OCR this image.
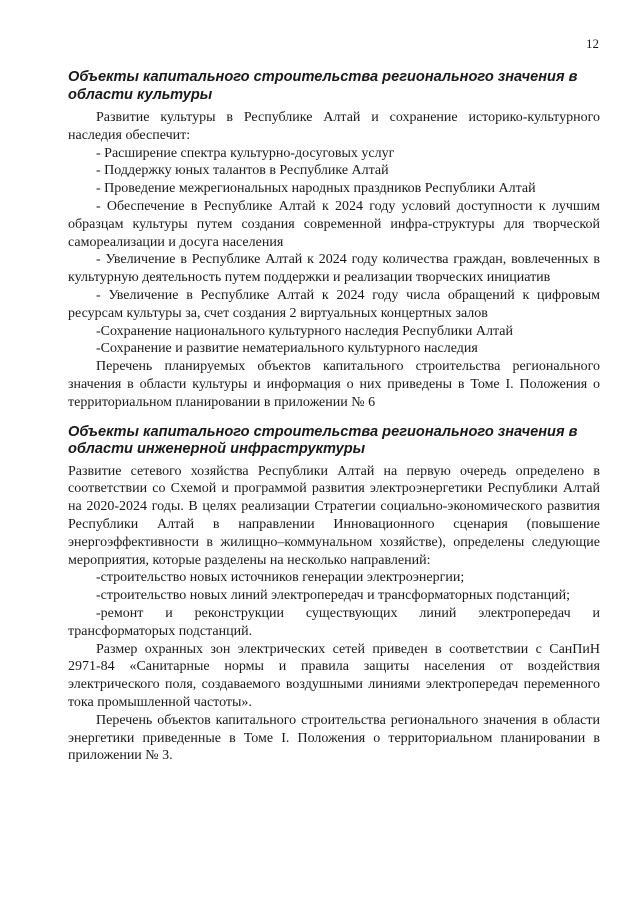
12
Объекты капитального строительства регионального значения в области культуры

Развитие культуры в Республике Алтай и сохранение историко-культурного наследия обеспечит:

- Расширение спектра культурно-досуговых услуг

- Поддержку юных талантов в Республике Алтай

- Проведение межрегиональных народных праздников Республики Алтай

- Обеспечение в Республике Алтай к 2024 году условий доступности к лучшим образцам культуры путем создания современной инфра-структуры для творческой самореализации и досуга населения

- Увеличение в Республике Алтай к 2024 году количества граждан, вовлеченных в культурную деятельность путем поддержки и реализации творческих инициатив

- Увеличение в Республике Алтай к 2024 году числа обращений к цифровым ресурсам культуры за, счет создания 2 виртуальных концертных залов

-Сохранение национального культурного наследия Республики Алтай

-Сохранение и развитие нематериального культурного наследия

Перечень планируемых объектов капитального строительства регионального значения в области культуры и информация о них приведены в Томе I. Положения о территориальном планировании в приложении № 6

Объекты капитального строительства регионального значения в области инженерной инфраструктуры

Развитие сетевого хозяйства Республики Алтай на первую очередь определено в соответствии со Схемой и программой развития электроэнергетики Республики Алтай на 2020-2024 годы. В целях реализации Стратегии социально-экономического развития Республики Алтай в направлении Инновационного сценария (повышение энергоэффективности в жилищно–коммунальном хозяйстве), определены следующие мероприятия, которые разделены на несколько направлений:

-строительство новых источников генерации электроэнергии;

-строительство новых линий электропередач и трансформаторных подстанций;

-ремонт и реконструкции существующих линий электропередач и трансформаторых подстанций.

Размер охранных зон электрических сетей приведен в соответствии с СанПиН 2971-84 «Санитарные нормы и правила защиты населения от воздействия электрического поля, создаваемого воздушными линиями электропередач переменного тока промышленной частоты».

Перечень объектов капитального строительства регионального значения в области энергетики приведенные в Томе I. Положения о территориальном планировании в приложении № 3.
